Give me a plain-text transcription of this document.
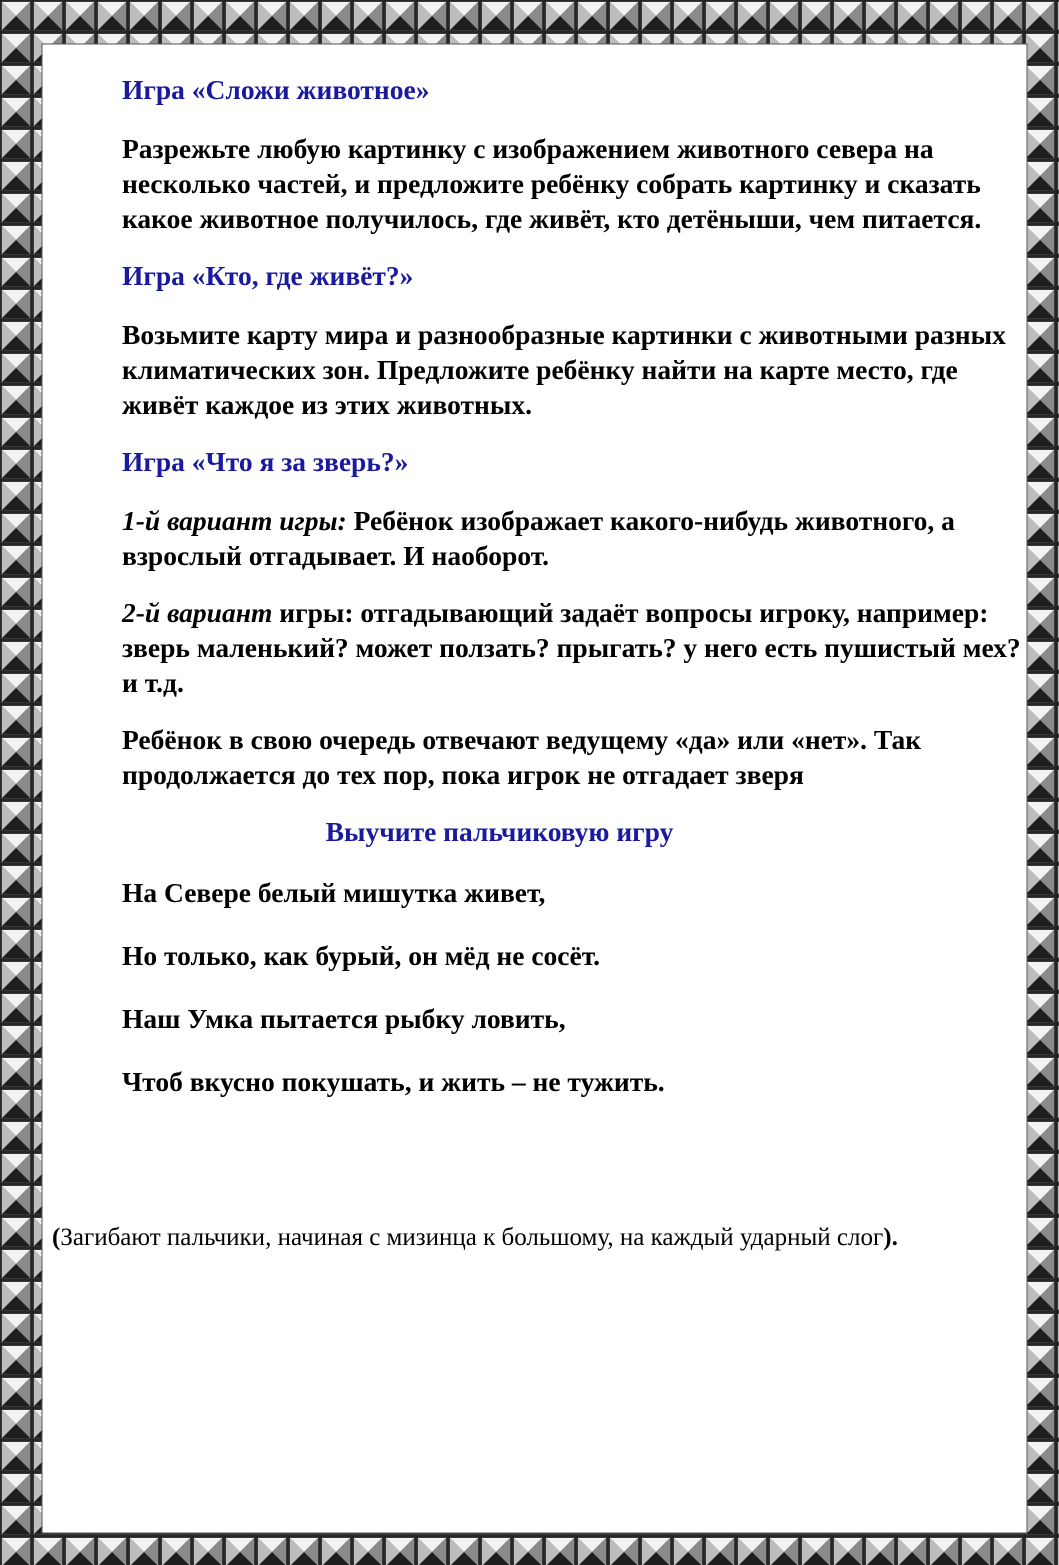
Игра «Сложи животное»
Разрежьте любую картинку с изображением животного севера на несколько частей, и предложите ребёнку собрать картинку и сказать какое животное получилось, где живёт, кто детёныши, чем питается.
Игра «Кто, где живёт?»
Возьмите карту мира и разнообразные картинки с животными разных климатических зон. Предложите ребёнку найти на карте место, где живёт каждое из этих животных.
Игра «Что я за зверь?»
1-й вариант игры: Ребёнок изображает какого-нибудь животного, а взрослый отгадывает. И наоборот.
2-й вариант игры: отгадывающий задаёт вопросы игроку, например: зверь маленький? может ползать? прыгать? у него есть пушистый мех? и т.д.
Ребёнок в свою очередь отвечают ведущему «да» или «нет». Так продолжается до тех пор, пока игрок не отгадает зверя
Выучите пальчиковую игру
На Севере белый мишутка живет,
Но только, как бурый, он мёд не сосёт.
Наш Умка пытается рыбку ловить,
Чтоб вкусно покушать, и жить – не тужить.
(Загибают пальчики, начиная с мизинца к большому, на каждый ударный слог).
